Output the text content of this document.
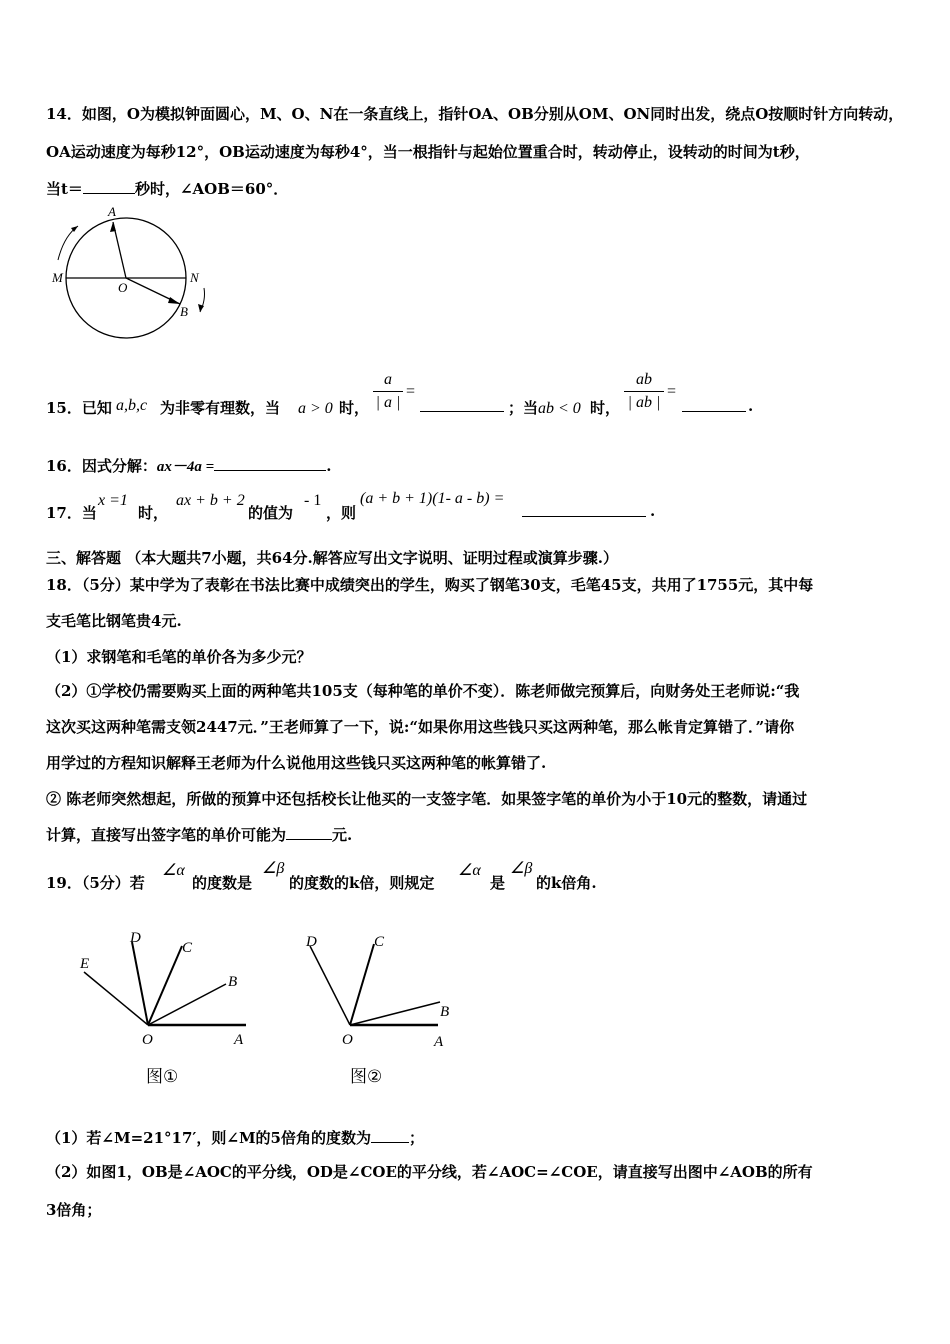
14．如图，O为模拟钟面圆心，M、O、N在一条直线上，指针OA、OB分别从OM、ON同时出发，绕点O按顺时针方向转动，
OA运动速度为每秒12°，OB运动速度为每秒4°，当一根指针与起始位置重合时，转动停止，设转动的时间为t秒，
当t＝	秒时，∠AOB＝60°．
A
M
O
N
B
15．已知 a,b,c 为非零有理数，当 a > 0 时，
a
| a |
=
；当 ab < 0 时，
ab
| ab |
=
.
16．因式分解：ax－4a =	.
17．当
x =1
时，
ax + b + 2
的值为
- 1
，则
(a + b + 1)(1- a - b) =
.
三、解答题 （本大题共7小题，共64分.解答应写出文字说明、证明过程或演算步骤.）
18．（5分）某中学为了表彰在书法比赛中成绩突出的学生，购买了钢笔30支，毛笔45支，共用了1755元，其中每
支毛笔比钢笔贵4元.
（1）求钢笔和毛笔的单价各为多少元？
（2）①学校仍需要购买上面的两种笔共105支（每种笔的单价不变）．陈老师做完预算后，向财务处王老师说:“我
这次买这两种笔需支领2447元．”王老师算了一下，说:“如果你用这些钱只买这两种笔，那么帐肯定算错了．”请你
用学过的方程知识解释王老师为什么说他用这些钱只买这两种笔的帐算错了.
② 陈老师突然想起，所做的预算中还包括校长让他买的一支签字笔．如果签字笔的单价为小于10元的整数，请通过
计算，直接写出签字笔的单价可能为	元.
19．（5分）若
∠α
的度数是
∠β
的度数的k倍，则规定
∠α
是
∠β
的k倍角.
E
D
C
B
O	A
图①
D	C
B
O	A
图②
（1）若∠M=21°17′，则∠M的5倍角的度数为	；
（2）如图1，OB是∠AOC的平分线，OD是∠COE的平分线，若∠AOC=∠COE，请直接写出图中∠AOB的所有
3倍角；
